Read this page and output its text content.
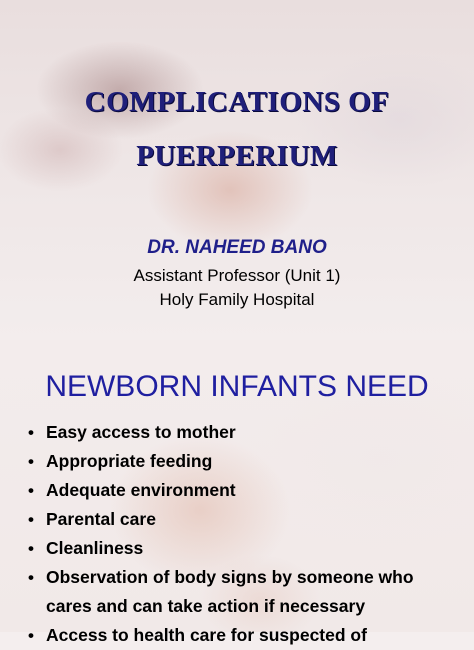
COMPLICATIONS OF
PUERPERIUM
DR. NAHEED BANO
Assistant Professor (Unit 1)
Holy Family Hospital
NEWBORN INFANTS NEED
• Easy access to mother
• Appropriate feeding
• Adequate environment
• Parental care
• Cleanliness
• Observation of body signs by someone who
cares and can take action if necessary
• Access to health care for suspected of
